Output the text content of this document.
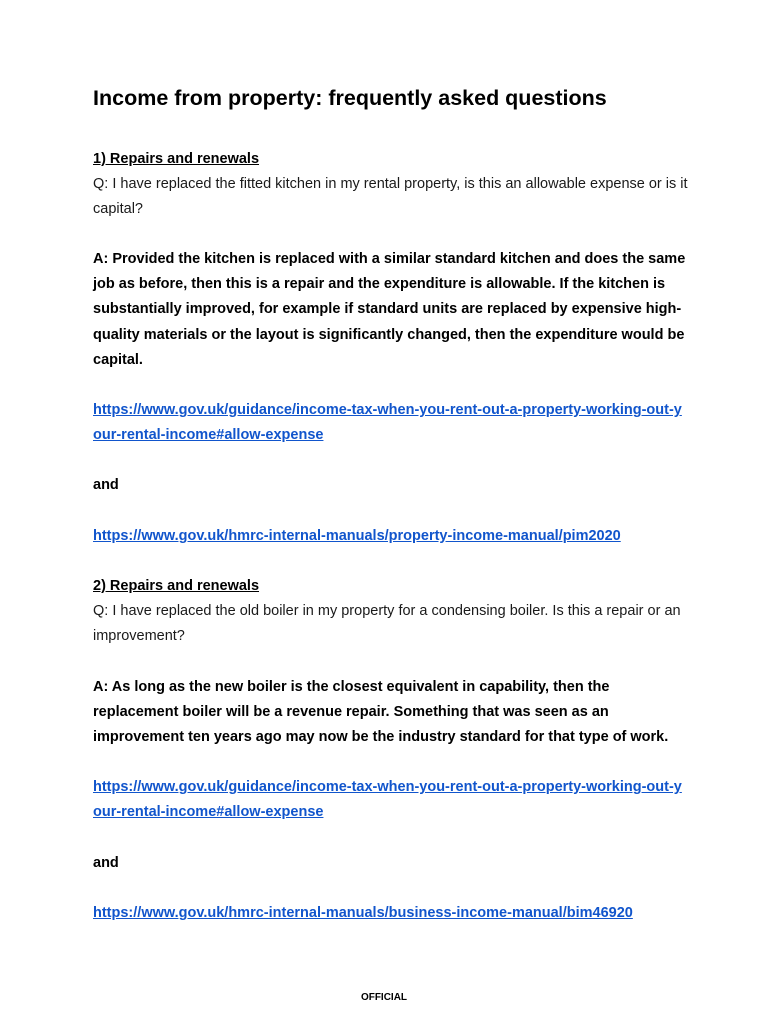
Income from property: frequently asked questions
1) Repairs and renewals
Q: I have replaced the fitted kitchen in my rental property, is this an allowable expense or is it capital?
A: Provided the kitchen is replaced with a similar standard kitchen and does the same job as before, then this is a repair and the expenditure is allowable. If the kitchen is substantially improved, for example if standard units are replaced by expensive high-quality materials or the layout is significantly changed, then the expenditure would be capital.
https://www.gov.uk/guidance/income-tax-when-you-rent-out-a-property-working-out-your-rental-income#allow-expense
and
https://www.gov.uk/hmrc-internal-manuals/property-income-manual/pim2020
2) Repairs and renewals
Q: I have replaced the old boiler in my property for a condensing boiler. Is this a repair or an improvement?
A: As long as the new boiler is the closest equivalent in capability, then the replacement boiler will be a revenue repair. Something that was seen as an improvement ten years ago may now be the industry standard for that type of work.
https://www.gov.uk/guidance/income-tax-when-you-rent-out-a-property-working-out-your-rental-income#allow-expense
and
https://www.gov.uk/hmrc-internal-manuals/business-income-manual/bim46920
OFFICIAL
